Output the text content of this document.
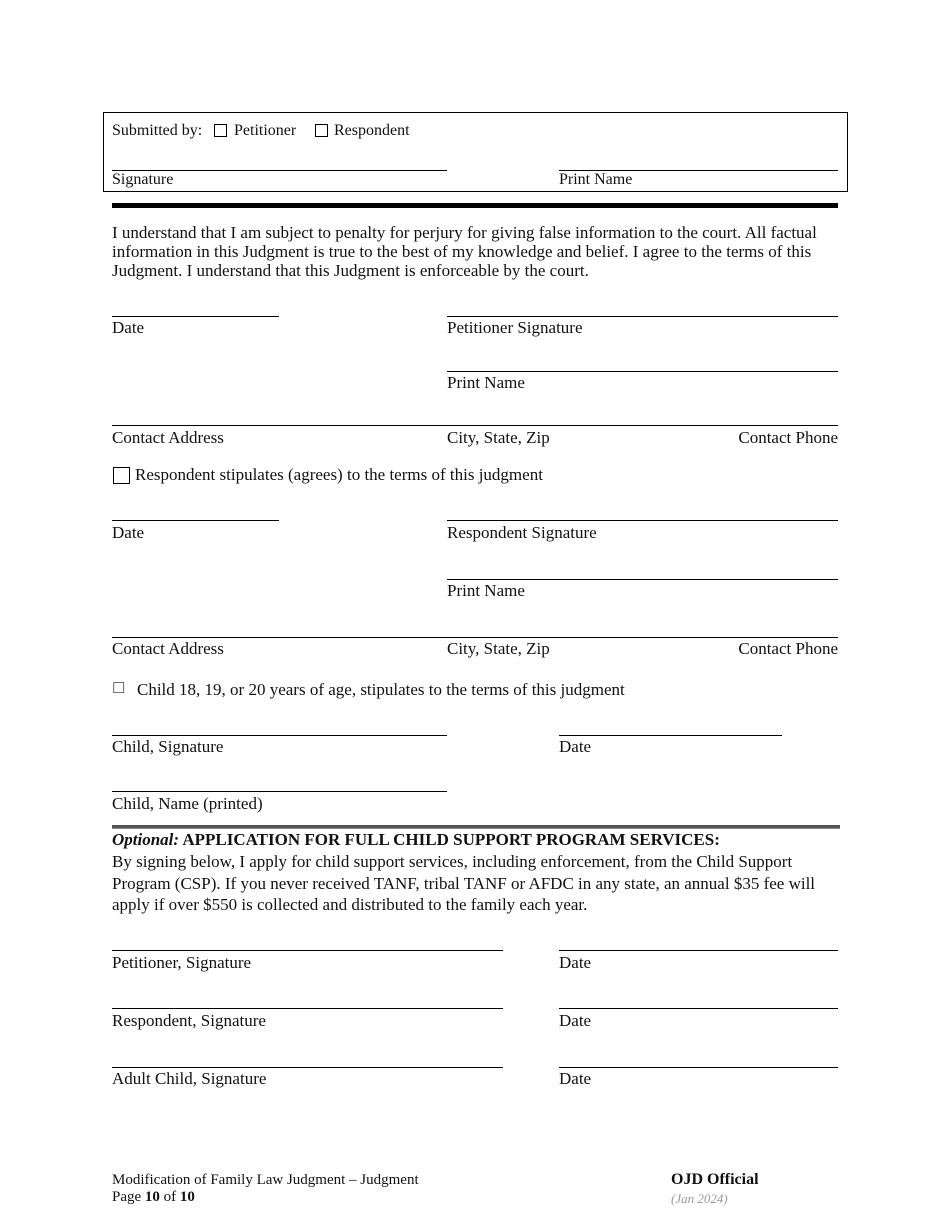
Submitted by: Petitioner Respondent
Signature	Print Name
I understand that I am subject to penalty for perjury for giving false information to the court. All factual information in this Judgment is true to the best of my knowledge and belief. I agree to the terms of this Judgment. I understand that this Judgment is enforceable by the court.
Date	Petitioner Signature
Print Name
Contact Address	City, State, Zip	Contact Phone
Respondent stipulates (agrees) to the terms of this judgment
Date	Respondent Signature
Print Name
Contact Address	City, State, Zip	Contact Phone
☐ Child 18, 19, or 20 years of age, stipulates to the terms of this judgment
Child, Signature	Date
Child, Name (printed)
Optional: APPLICATION FOR FULL CHILD SUPPORT PROGRAM SERVICES:
By signing below, I apply for child support services, including enforcement, from the Child Support Program (CSP). If you never received TANF, tribal TANF or AFDC in any state, an annual $35 fee will apply if over $550 is collected and distributed to the family each year.
Petitioner, Signature	Date
Respondent, Signature	Date
Adult Child, Signature	Date
Modification of Family Law Judgment – Judgment
Page 10 of 10
OJD Official
(Jan 2024)
